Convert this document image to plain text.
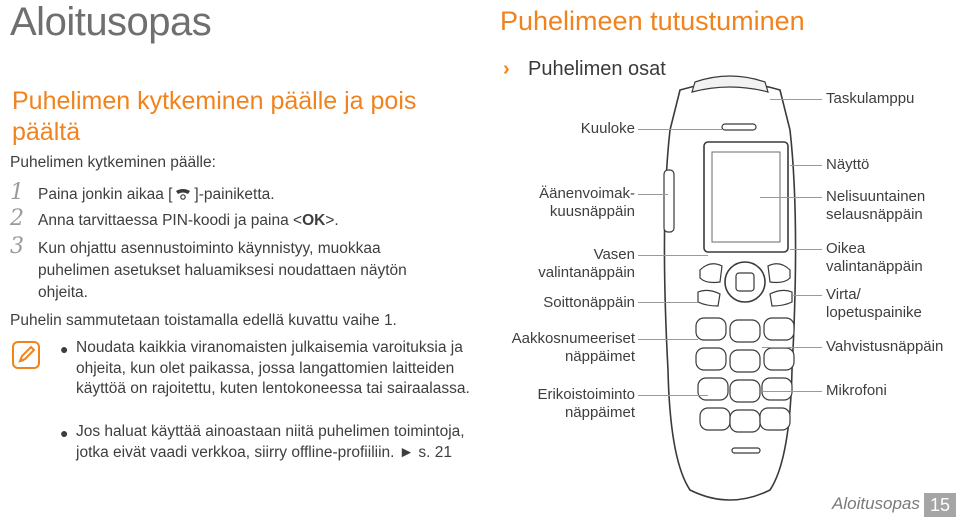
Aloitusopas
Puhelimen kytkeminen päälle ja pois päältä
Puhelimen kytkeminen päälle:
1 Paina jonkin aikaa [ ]-painiketta.
2 Anna tarvittaessa PIN-koodi ja paina <OK>.
3 Kun ohjattu asennustoiminto käynnistyy, muokkaa puhelimen asetukset haluamiksesi noudattaen näytön ohjeita.
Puhelin sammutetaan toistamalla edellä kuvattu vaihe 1.
● Noudata kaikkia viranomaisten julkaisemia varoituksia ja ohjeita, kun olet paikassa, jossa langattomien laitteiden käyttöä on rajoitettu, kuten lentokoneessa tai sairaalassa.
● Jos haluat käyttää ainoastaan niitä puhelimen toimintoja, jotka eivät vaadi verkkoa, siirry offline-profiiliin. ► s. 21
Puhelimeen tutustuminen
› Puhelimen osat
Kuuloke
Äänenvoimak-
kuusnäppäin
Vasen
valintanäppäin
Soittonäppäin
Aakkosnumeeriset
näppäimet
Erikoistoiminto
näppäimet
Taskulamppu
Näyttö
Nelisuuntainen
selausnäppäin
Oikea
valintanäppäin
Virta/
lopetuspainike
Vahvistusnäppäin
Mikrofoni
Aloitusopas 15
